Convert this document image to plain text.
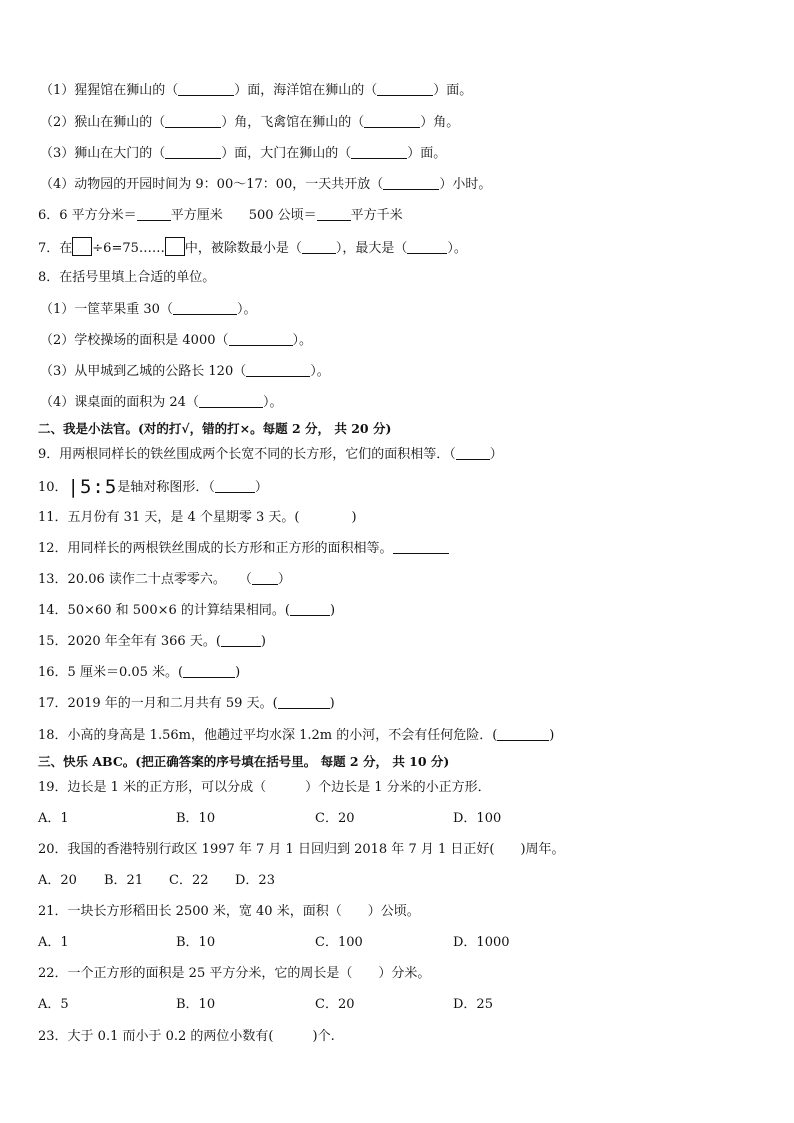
（1）猩猩馆在狮山的（	）面，海洋馆在狮山的（	）面。
（2）猴山在狮山的（	）角，飞禽馆在狮山的（	）角。
（3）狮山在大门的（	）面，大门在狮山的（	）面。
（4）动物园的开园时间为 9：00～17：00，一天共开放（	）小时。
6．6 平方分米＝	平方厘米　　500 公顷＝	平方千米
7．在 ÷6=75…… 中，被除数最小是（	），最大是（	）。
8．在括号里填上合适的单位。
（1）一筐苹果重 30（	）。
（2）学校操场的面积是 4000（	）。
（3）从甲城到乙城的公路长 120（	）。
（4）课桌面的面积为 24（	）。
二、我是小法官。(对的打√，错的打×。每题 2 分， 共 20 分)
9．用两根同样长的铁丝围成两个长宽不同的长方形，它们的面积相等．（	）
10．|5:5是轴对称图形．（	）
11．五月份有 31 天，是 4 个星期零 3 天。(　　　　)
12．用同样长的两根铁丝围成的长方形和正方形的面积相等。
13．20.06 读作二十点零零六。　　（ ）
14．50×60 和 500×6 的计算结果相同。(	)
15．2020 年全年有 366 天。(	)
16．5 厘米＝0.05 米。(	)
17．2019 年的一月和二月共有 59 天。(	)
18．小高的身高是 1.56m，他趟过平均水深 1.2m 的小河，不会有任何危险．(	)
三、快乐 ABC。(把正确答案的序号填在括号里。 每题 2 分， 共 10 分)
19．边长是 1 米的正方形，可以分成（　　　）个边长是 1 分米的小正方形．
A．1	B．10	C．20	D．100
20．我国的香港特别行政区 1997 年 7 月 1 日回归到 2018 年 7 月 1 日正好(　　)周年。
A．20 B．21 C．22 D．23
21．一块长方形稻田长 2500 米，宽 40 米，面积（　　）公顷。
A．1	B．10	C．100	D．1000
22．一个正方形的面积是 25 平方分米，它的周长是（　　）分米。
A．5	B．10	C．20	D．25
23．大于 0.1 而小于 0.2 的两位小数有(　　　)个.
